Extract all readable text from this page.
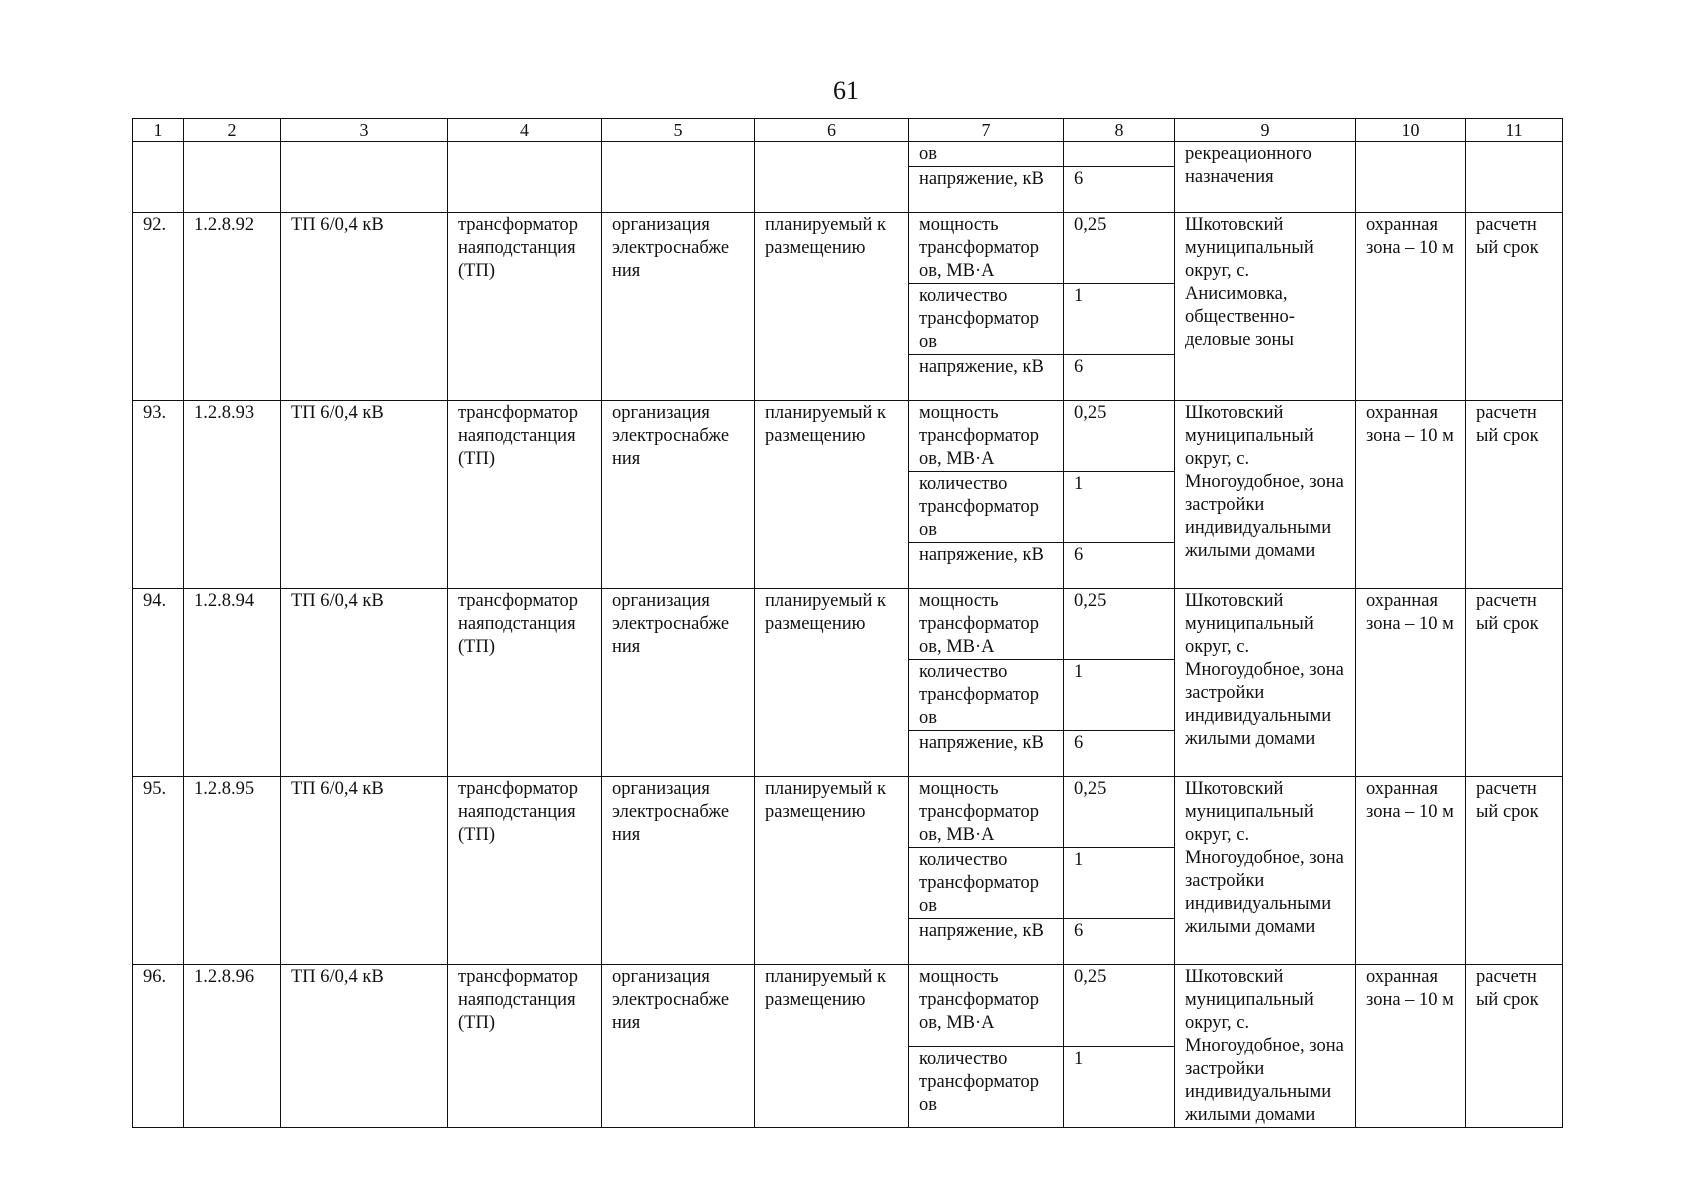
61
1	2	3	4	5	6	7	8	9	10	11
						ов		рекреационного назначения		
						напряжение, кВ	6			
92.	1.2.8.92	ТП 6/0,4 кВ	трансформатор наяподстанция (ТП)	организация электроснабже ния	планируемый к размещению	мощность трансформатор ов, МВ·А	0,25	Шкотовский муниципальный округ, с. Анисимовка, общественно-деловые зоны	охранная зона – 10 м	расчетн ый срок
						количество трансформатор ов	1			
						напряжение, кВ	6			
93.	1.2.8.93	ТП 6/0,4 кВ	трансформатор наяподстанция (ТП)	организация электроснабже ния	планируемый к размещению	мощность трансформатор ов, МВ·А	0,25	Шкотовский муниципальный округ, с. Многоудобное, зона застройки индивидуальными жилыми домами	охранная зона – 10 м	расчетн ый срок
						количество трансформатор ов	1			
						напряжение, кВ	6			
94.	1.2.8.94	ТП 6/0,4 кВ	трансформатор наяподстанция (ТП)	организация электроснабже ния	планируемый к размещению	мощность трансформатор ов, МВ·А	0,25	Шкотовский муниципальный округ, с. Многоудобное, зона застройки индивидуальными жилыми домами	охранная зона – 10 м	расчетн ый срок
						количество трансформатор ов	1			
						напряжение, кВ	6			
95.	1.2.8.95	ТП 6/0,4 кВ	трансформатор наяподстанция (ТП)	организация электроснабже ния	планируемый к размещению	мощность трансформатор ов, МВ·А	0,25	Шкотовский муниципальный округ, с. Многоудобное, зона застройки индивидуальными жилыми домами	охранная зона – 10 м	расчетн ый срок
						количество трансформатор ов	1			
						напряжение, кВ	6			
96.	1.2.8.96	ТП 6/0,4 кВ	трансформатор наяподстанция (ТП)	организация электроснабже ния	планируемый к размещению	мощность трансформатор ов, МВ·А	0,25	Шкотовский муниципальный округ, с. Многоудобное, зона застройки индивидуальными жилыми домами	охранная зона – 10 м	расчетн ый срок
						количество трансформатор ов	1			
